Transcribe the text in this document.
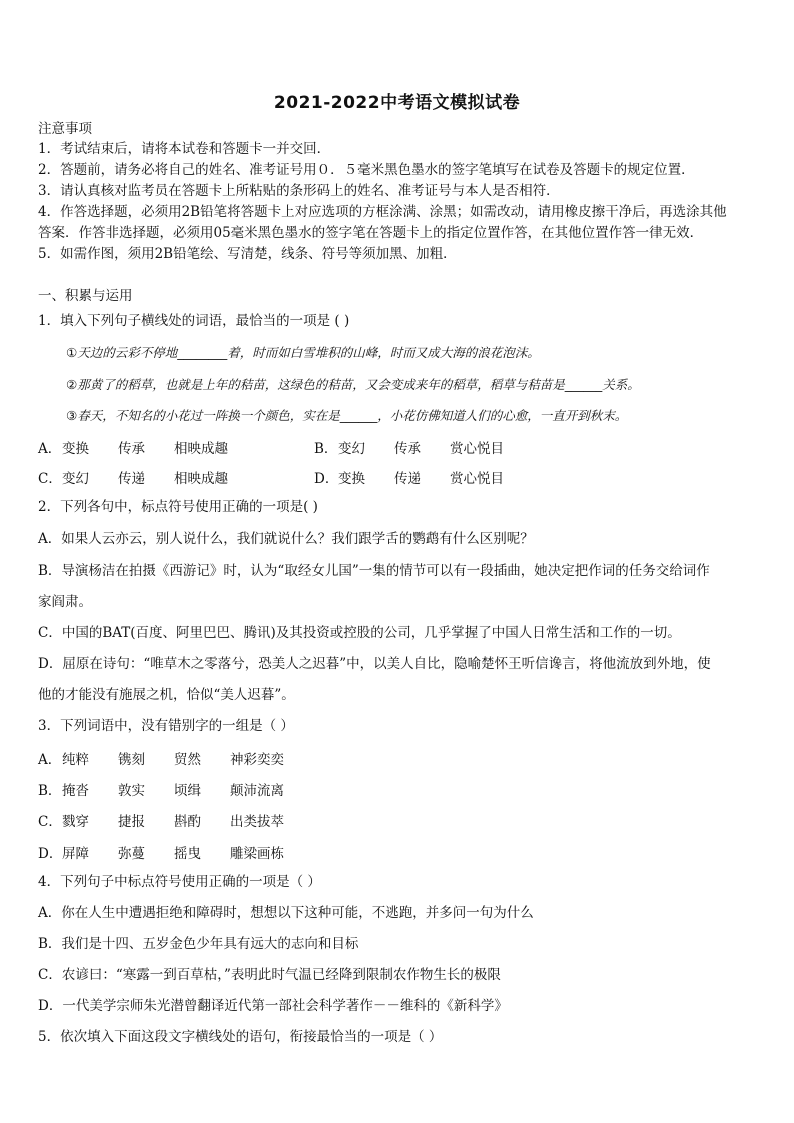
2021-2022中考语文模拟试卷
注意事项
1．考试结束后，请将本试卷和答题卡一并交回．
2．答题前，请务必将自己的姓名、准考证号用０．５毫米黑色墨水的签字笔填写在试卷及答题卡的规定位置．
3．请认真核对监考员在答题卡上所粘贴的条形码上的姓名、准考证号与本人是否相符．
4．作答选择题，必须用2B铅笔将答题卡上对应选项的方框涂满、涂黑；如需改动，请用橡皮擦干净后，再选涂其他
答案．作答非选择题，必须用05毫米黑色墨水的签字笔在答题卡上的指定位置作答，在其他位置作答一律无效．
5．如需作图，须用2B铅笔绘、写清楚，线条、符号等须加黑、加粗．
一、积累与运用
1．填入下列句子横线处的词语，最恰当的一项是 ( )
①天边的云彩不停地________着，时而如白雪堆积的山峰，时而又成大海的浪花泡沫。
②那黄了的稻草，也就是上年的秸苗，这绿色的秸苗，又会变成来年的稻草，稻草与秸苗是______关系。
③春天，不知名的小花过一阵换一个颜色，实在是______，小花仿佛知道人们的心愈，一直开到秋末。
A．变换 传承 相映成趣	B．变幻 传承 赏心悦目
C．变幻 传递 相映成趣	D．变换 传递 赏心悦目
2．下列各句中，标点符号使用正确的一项是( )
A．如果人云亦云，别人说什么，我们就说什么？我们跟学舌的鹦鹉有什么区别呢？
B．导演杨洁在拍摄《西游记》时，认为“取经女儿国”一集的情节可以有一段插曲，她决定把作词的任务交给词作
家阎肃。
C．中国的BAT(百度、阿里巴巴、腾讯)及其投资或控股的公司，几乎掌握了中国人日常生活和工作的一切。
D．屈原在诗句：“唯草木之零落兮，恐美人之迟暮”中，以美人自比，隐喻楚怀王听信谗言，将他流放到外地，使
他的才能没有施展之机，恰似“美人迟暮”。
3．下列词语中，没有错别字的一组是（ ）
A．纯粹 镌刻 贸然 神彩奕奕
B．掩沓 敦实 顷缉 颠沛流离
C．戮穿 捷报 斟酌 出类拔萃
D．屏障 弥蔓 摇曳 雕梁画栋
4．下列句子中标点符号使用正确的一项是（ ）
A．你在人生中遭遇拒绝和障碍时，想想以下这种可能，不逃跑，并多问一句为什么
B．我们是十四、五岁金色少年具有远大的志向和目标
C．农谚曰：“寒露一到百草枯，”表明此时气温已经降到限制农作物生长的极限
D．一代美学宗师朱光潜曾翻译近代第一部社会科学著作－－维科的《新科学》
5．依次填入下面这段文字横线处的语句，衔接最恰当的一项是（ ）
